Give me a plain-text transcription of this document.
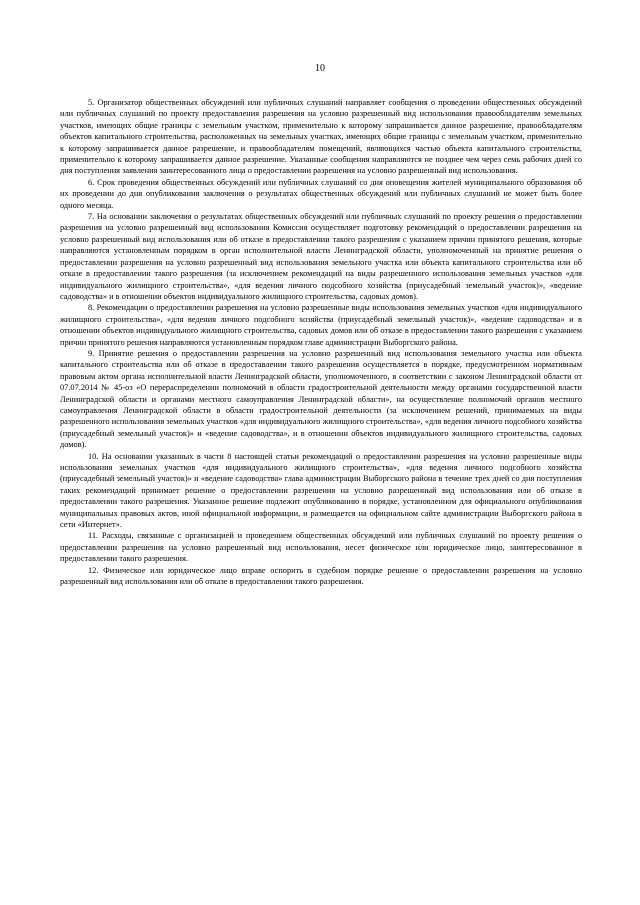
10

5. Организатор общественных обсуждений или публичных слушаний направляет сообщения о проведении общественных обсуждений или публичных слушаний по проекту предоставления разрешения на условно разрешенный вид использования правообладателям земельных участков, имеющих общие границы с земельным участком, применительно к которому запрашивается данное разрешение, правообладателям объектов капитального строительства, расположенных на земельных участках, имеющих общие границы с земельным участком, применительно к которому запрашивается данное разрешение, и правообладателям помещений, являющихся частью объекта капитального строительства, применительно к которому запрашивается данное разрешение. Указанные сообщения направляются не позднее чем через семь рабочих дней со дня поступления заявления заинтересованного лица о предоставлении разрешения на условно разрешенный вид использования.

6. Срок проведения общественных обсуждений или публичных слушаний со дня оповещения жителей муниципального образования об их проведении до дня опубликования заключения о результатах общественных обсуждений или публичных слушаний не может быть более одного месяца.

7. На основании заключения о результатах общественных обсуждений или публичных слушаний по проекту решения о предоставлении разрешения на условно разрешенный вид использования Комиссия осуществляет подготовку рекомендаций о предоставлении разрешения на условно разрешенный вид использования или об отказе в предоставлении такого разрешения с указанием причин принятого решения, которые направляются установленным порядком в орган исполнительной власти Ленинградской области, уполномоченный на принятие решения о предоставлении разрешения на условно разрешенный вид использования земельного участка или объекта капитального строительства или об отказе в предоставлении такого разрешения (за исключением рекомендаций на виды разрешенного использования земельных участков «для индивидуального жилищного строительства», «для ведения личного подсобного хозяйства (приусадебный земельный участок)», «ведение садоводства» и в отношении объектов индивидуального жилищного строительства, садовых домов).

8. Рекомендации о предоставлении разрешения на условно разрешенные виды использования земельных участков «для индивидуального жилищного строительства», «для ведения личного подсобного хозяйства (приусадебный земельный участок)», «ведение садоводства» и в отношении объектов индивидуального жилищного строительства, садовых домов или об отказе в предоставлении такого разрешения с указанием причин принятого решения направляются установленным порядком главе администрации Выборгского района.

9. Принятие решения о предоставлении разрешения на условно разрешенный вид использования земельного участка или объекта капитального строительства или об отказе в предоставлении такого разрешения осуществляется в порядке, предусмотренном нормативным правовым актом органа исполнительной власти Ленинградской области, уполномоченного, в соответствии с законом Ленинградской области от 07.07.2014 № 45-оз «О перераспределении полномочий в области градостроительной деятельности между органами государственной власти Ленинградской области и органами местного самоуправления Ленинградской области», на осуществление полномочий органов местного самоуправления Ленинградской области в области градостроительной деятельности (за исключением решений, принимаемых на виды разрешенного использования земельных участков «для индивидуального жилищного строительства», «для ведения личного подсобного хозяйства (приусадебный земельный участок)» и «ведение садоводства», и в отношении объектов индивидуального жилищного строительства, садовых домов).

10. На основании указанных в части 8 настоящей статьи рекомендаций о предоставлении разрешения на условно разрешенные виды использования земельных участков «для индивидуального жилищного строительства», «для ведения личного подсобного хозяйства (приусадебный земельный участок)» и «ведение садоводства» глава администрации Выборгского района в течение трех дней со дня поступления таких рекомендаций принимает решение о предоставлении разрешения на условно разрешенный вид использования или об отказе в предоставлении такого разрешения. Указанное решение подлежит опубликованию в порядке, установленном для официального опубликования муниципальных правовых актов, иной официальной информации, и размещается на официальном сайте администрации Выборгского района в сети «Интернет».

11. Расходы, связанные с организацией и проведением общественных обсуждений или публичных слушаний по проекту решения о предоставлении разрешения на условно разрешенный вид использования, несет физическое или юридическое лицо, заинтересованное в предоставлении такого разрешения.

12. Физическое или юридическое лицо вправе оспорить в судебном порядке решение о предоставлении разрешения на условно разрешенный вид использования или об отказе в предоставлении такого разрешения.
